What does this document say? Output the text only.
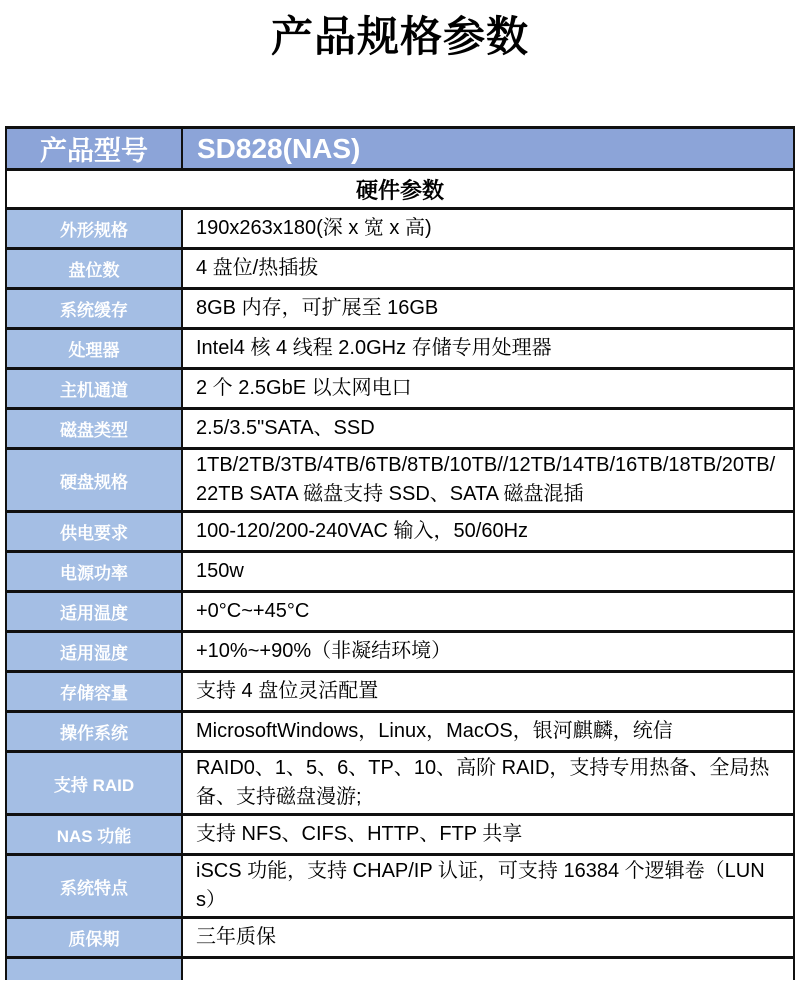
产品规格参数
产品型号	SD828(NAS)
硬件参数	
外形规格	190x263x180(深 x 宽 x 高)
盘位数	4 盘位/热插拔
系统缓存	8GB 内存，可扩展至 16GB
处理器	Intel4 核 4 线程 2.0GHz 存储专用处理器
主机通道	2 个 2.5GbE 以太网电口
磁盘类型	2.5/3.5"SATA、SSD
硬盘规格	1TB/2TB/3TB/4TB/6TB/8TB/10TB//12TB/14TB/16TB/18TB/20TB/22TB SATA 磁盘支持 SSD、SATA 磁盘混插
供电要求	100-120/200-240VAC 输入，50/60Hz
电源功率	150w
适用温度	+0°C~+45°C
适用湿度	+10%~+90%（非凝结环境）
存储容量	支持 4 盘位灵活配置
操作系统	MicrosoftWindows，Linux，MacOS，银河麒麟，统信
支持 RAID	RAID0、1、5、6、TP、10、高阶 RAID，支持专用热备、全局热备、支持磁盘漫游;
NAS 功能	支持 NFS、CIFS、HTTP、FTP 共享
系统特点	iSCS 功能，支持 CHAP/IP 认证，可支持 16384 个逻辑卷（LUNs）
质保期	三年质保
